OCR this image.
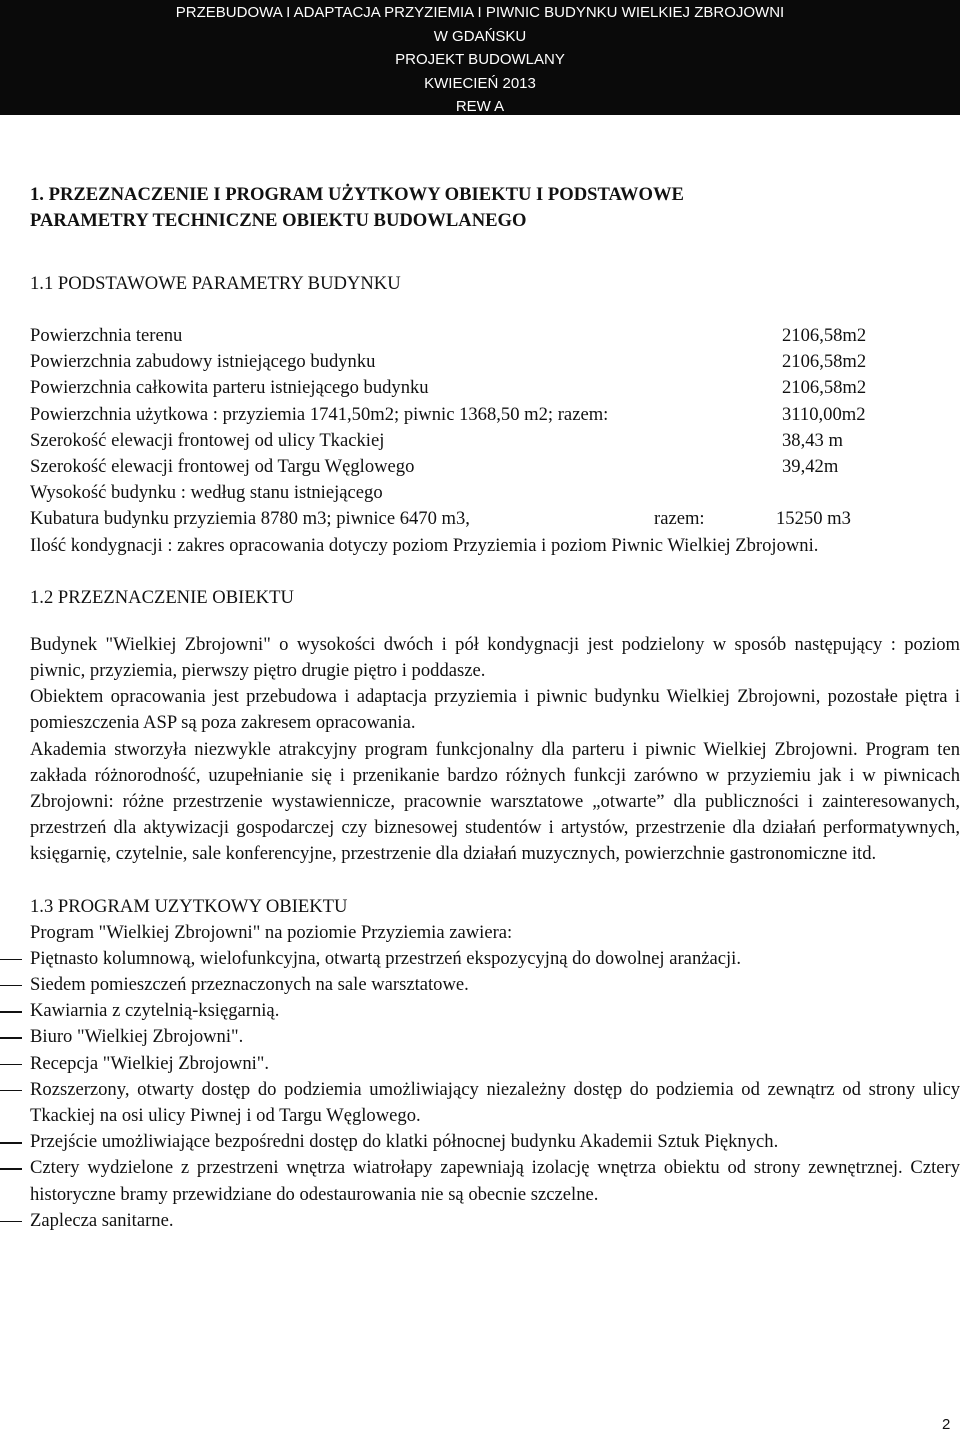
PRZEBUDOWA I ADAPTACJA PRZYZIEMIA I PIWNIC BUDYNKU WIELKIEJ ZBROJOWNI
W GDAŃSKU
PROJEKT BUDOWLANY
KWIECIEŃ 2013
REW A
1. PRZEZNACZENIE I PROGRAM UŻYTKOWY OBIEKTU I PODSTAWOWE
PARAMETRY TECHNICZNE OBIEKTU BUDOWLANEGO
1.1 PODSTAWOWE PARAMETRY BUDYNKU
Powierzchnia terenu	2106,58m2
Powierzchnia zabudowy istniejącego budynku	2106,58m2
Powierzchnia całkowita parteru istniejącego budynku	2106,58m2
Powierzchnia użytkowa : przyziemia 1741,50m2; piwnic 1368,50 m2; razem:	3110,00m2
Szerokość elewacji frontowej od ulicy Tkackiej	38,43 m
Szerokość elewacji frontowej od Targu Węglowego	39,42m
Wysokość budynku : według stanu istniejącego
Kubatura budynku przyziemia 8780 m3; piwnice 6470 m3,	razem:	15250 m3
Ilość kondygnacji : zakres opracowania dotyczy poziom Przyziemia i poziom Piwnic Wielkiej Zbrojowni.
1.2 PRZEZNACZENIE OBIEKTU

Budynek "Wielkiej Zbrojowni" o wysokości dwóch i pół kondygnacji jest podzielony w sposób następujący : poziom piwnic, przyziemia, pierwszy piętro drugie piętro i poddasze.

Obiektem opracowania jest przebudowa i adaptacja przyziemia i piwnic budynku Wielkiej Zbrojowni, pozostałe piętra i pomieszczenia ASP są poza zakresem opracowania.

Akademia stworzyła niezwykle atrakcyjny program funkcjonalny dla parteru i piwnic Wielkiej Zbrojowni. Program ten zakłada różnorodność, uzupełnianie się i przenikanie bardzo różnych funkcji zarówno w przyziemiu jak i w piwnicach Zbrojowni: różne przestrzenie wystawiennicze, pracownie warsztatowe „otwarte” dla publiczności i zainteresowanych, przestrzeń dla aktywizacji gospodarczej czy biznesowej studentów i artystów, przestrzenie dla działań performatywnych, księgarnię, czytelnie, sale konferencyjne, przestrzenie dla działań muzycznych, powierzchnie gastronomiczne itd.

1.3 PROGRAM UZYTKOWY OBIEKTU
Program "Wielkiej Zbrojowni" na poziomie Przyziemia zawiera:
Piętnasto kolumnową, wielofunkcyjna, otwartą przestrzeń ekspozycyjną do dowolnej aranżacji.
Siedem pomieszczeń przeznaczonych na sale warsztatowe.
Kawiarnia z czytelnią-księgarnią.
Biuro "Wielkiej Zbrojowni".
Recepcja "Wielkiej Zbrojowni".
Rozszerzony, otwarty dostęp do podziemia umożliwiający niezależny dostęp do podziemia od zewnątrz od strony ulicy Tkackiej na osi ulicy Piwnej i od Targu Węglowego.
Przejście umożliwiające bezpośredni dostęp do klatki północnej budynku Akademii Sztuk Pięknych.
Cztery wydzielone z przestrzeni wnętrza wiatrołapy zapewniają izolację wnętrza obiektu od strony zewnętrznej. Cztery historyczne bramy przewidziane do odestaurowania nie są obecnie szczelne.
Zaplecza sanitarne.
2
